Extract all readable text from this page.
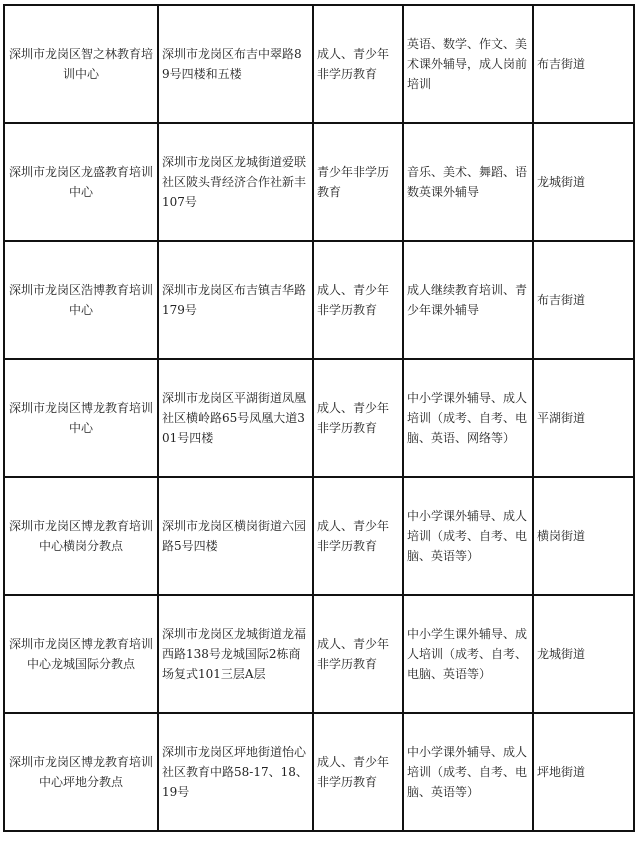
深圳市龙岗区智之林教育培训中心	深圳市龙岗区布吉中翠路89号四楼和五楼	成人、青少年非学历教育	英语、数学、作文、美术课外辅导，成人岗前培训	布吉街道
深圳市龙岗区龙盛教育培训中心	深圳市龙岗区龙城街道爱联社区陂头背经济合作社新丰107号	青少年非学历教育	音乐、美术、舞蹈、语数英课外辅导	龙城街道
深圳市龙岗区浩博教育培训中心	深圳市龙岗区布吉镇吉华路179号	成人、青少年非学历教育	成人继续教育培训、青少年课外辅导	布吉街道
深圳市龙岗区博龙教育培训中心	深圳市龙岗区平湖街道凤凰社区横岭路65号凤凰大道301号四楼	成人、青少年非学历教育	中小学课外辅导、成人培训（成考、自考、电脑、英语、网络等）	平湖街道
深圳市龙岗区博龙教育培训中心横岗分教点	深圳市龙岗区横岗街道六园路5号四楼	成人、青少年非学历教育	中小学课外辅导、成人培训（成考、自考、电脑、英语等）	横岗街道
深圳市龙岗区博龙教育培训中心龙城国际分教点	深圳市龙岗区龙城街道龙福西路138号龙城国际2栋商场复式101三层A层	成人、青少年非学历教育	中小学生课外辅导、成人培训（成考、自考、电脑、英语等）	龙城街道
深圳市龙岗区博龙教育培训中心坪地分教点	深圳市龙岗区坪地街道怡心社区教育中路58-17、18、19号	成人、青少年非学历教育	中小学课外辅导、成人培训（成考、自考、电脑、英语等）	坪地街道
